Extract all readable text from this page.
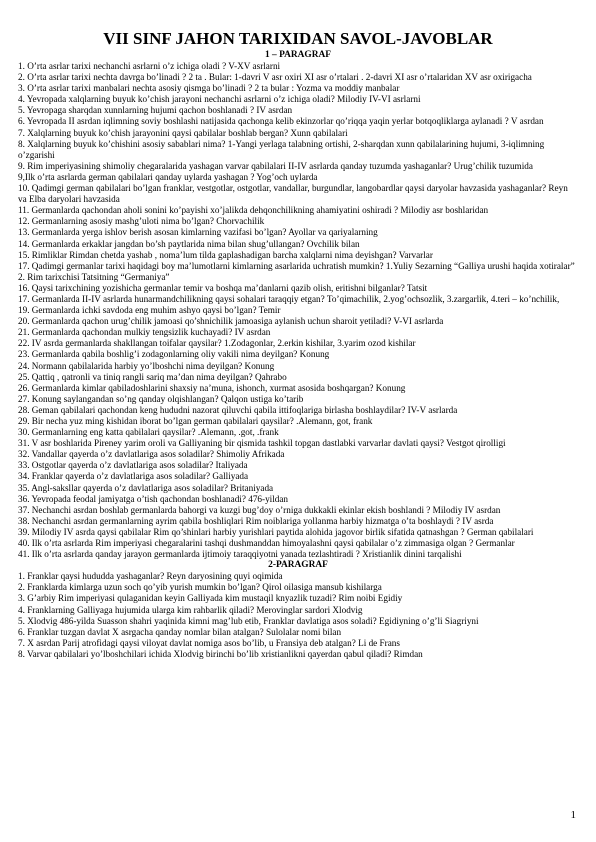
VII SINF JAHON TARIXIDAN SAVOL-JAVOBLAR
1 – PARAGRAF
1. O’rta asrlar tarixi nechanchi asrlarni o’z ichiga oladi ? V-XV asrlarni
2. O’rta asrlar tarixi nechta davrga bo’linadi ? 2 ta . Bular: 1-davri V asr oxiri XI asr o’rtalari . 2-davri XI asr o’rtalaridan XV asr oxirigacha
3. O’rta asrlar tarixi manbalari nechta asosiy qismga bo’linadi ? 2 ta bular : Yozma va moddiy manbalar
4. Yevropada xalqlarning buyuk ko’chish jarayoni nechanchi asrlarni o’z ichiga oladi? Milodiy IV-VI asrlarni
5. Yevropaga sharqdan xunnlarning hujumi qachon boshlanadi ? IV asrdan
6. Yevropada II asrdan iqlimning soviy boshlashi natijasida qachonga kelib ekinzorlar qo’riqqa yaqin yerlar botqoqliklarga aylanadi ? V asrdan
7. Xalqlarning buyuk ko’chish jarayonini qaysi qabilalar boshlab bergan? Xunn qabilalari
8. Xalqlarning buyuk ko’chishini asosiy sabablari nima? 1-Yangi yerlaga talabning ortishi, 2-sharqdan xunn qabilalarining hujumi, 3-iqlimning o’zgarishi
9. Rim imperiyasining shimoliy chegaralarida yashagan varvar qabilalari II-IV asrlarda qanday tuzumda yashaganlar? Urug’chilik tuzumida
9,Ilk o’rta asrlarda german qabilalari qanday uylarda yashagan ? Yog’och uylarda
10. Qadimgi german qabilalari bo’lgan franklar, vestgotlar, ostgotlar, vandallar, burgundlar, langobardlar qaysi daryolar havzasida yashaganlar? Reyn va Elba daryolari havzasida
11. Germanlarda qachondan aholi sonini ko’payishi xo’jalikda dehqonchilikning ahamiyatini oshiradi ? Milodiy asr boshlaridan
12. Germanlarning asosiy mashg’uloti nima bo’lgan? Chorvachilik
13. Germanlarda yerga ishlov berish asosan kimlarning vazifasi bo’lgan? Ayollar va qariyalarning
14. Germanlarda erkaklar jangdan bo’sh paytlarida nima bilan shug’ullangan? Ovchilik bilan
15. Rimliklar Rimdan chetda yashab , noma’lum tilda gaplashadigan barcha xalqlarni nima deyishgan? Varvarlar
17. Qadimgi germanlar tarixi haqidagi boy ma’lumotlarni kimlarning asarlarida uchratish mumkin? 1.Yuliy Sezarning “Galliya urushi haqida xotiralar” 2. Rim tarixchisi Tatsitning “Germaniya”
16. Qaysi tarixchining yozishicha germanlar temir va boshqa ma’danlarni qazib olish, eritishni bilganlar? Tatsit
17. Germanlarda II-IV asrlarda hunarmandchilikning qaysi sohalari taraqqiy etgan? To’qimachilik, 2.yog’ochsozlik, 3.zargarlik, 4.teri – ko’nchilik,
19. Germanlarda ichki savdoda eng muhim ashyo qaysi bo’lgan? Temir
20. Germanlarda qachon urug’chilik jamoasi qo’shnichilik jamoasiga aylanish uchun sharoit yetiladi? V-VI asrlarda
21. Germanlarda qachondan mulkiy tengsizlik kuchayadi? IV asrdan
22. IV asrda germanlarda shakllangan toifalar qaysilar? 1.Zodagonlar, 2.erkin kishilar, 3.yarim ozod kishilar
23. Germanlarda qabila boshlig’i zodagonlarning oliy vakili nima deyilgan? Konung
24. Normann qabilalarida harbiy yo’lboshchi nima deyilgan? Konung
25. Qattiq , qatronli va tiniq rangli sariq ma’dan nima deyilgan? Qahrabo
26. Germanlarda kimlar qabiladoshlarini shaxsiy na’muna, ishonch, xurmat asosida boshqargan? Konung
27. Konung saylangandan so’ng qanday olqishlangan? Qalqon ustiga ko’tarib
28. Geman qabilalari qachondan keng hududni nazorat qiluvchi qabila ittifoqlariga birlasha boshlaydilar? IV-V asrlarda
29. Bir necha yuz ming kishidan iborat bo’lgan german qabilalari qaysilar? .Alemann, got, frank
30. Germanlarning eng katta qabilalari qaysilar? .Alemann, .got, .frank
31. V asr boshlarida Pireney yarim oroli va Galliyaning bir qismida tashkil topgan dastlabki varvarlar davlati qaysi? Vestgot qirolligi
32. Vandallar qayerda o’z davlatlariga asos soladilar? Shimoliy Afrikada
33. Ostgotlar qayerda o’z davlatlariga asos soladilar? Italiyada
34. Franklar qayerda o’z davlatlariga asos soladilar? Galliyada
35. Angl-saksllar qayerda o’z davlatlariga asos soladilar? Britaniyada
36. Yevropada feodal jamiyatga o’tish qachondan boshlanadi? 476-yildan
37. Nechanchi asrdan boshlab germanlarda bahorgi va kuzgi bug’doy o’rniga dukkakli ekinlar ekish boshlandi ? Milodiy IV asrdan
38. Nechanchi asrdan germanlarning ayrim qabila boshliqlari Rim noiblariga yollanma harbiy hizmatga o’ta boshlaydi ? IV asrda
39. Milodiy IV asrda qaysi qabilalar Rim qo’shinlari harbiy yurishlari paytida alohida jagovor birlik sifatida qatnashgan ? German qabilalari
40. Ilk o’rta asrlarda Rim imperiyasi chegaralarini tashqi dushmanddan himoyalashni qaysi qabilalar o’z zimmasiga olgan ? Germanlar
41. Ilk o’rta asrlarda qanday jarayon germanlarda ijtimoiy taraqqiyotni yanada tezlashtiradi ? Xristianlik dinini tarqalishi
2-PARAGRAF
1. Franklar qaysi hududda yashaganlar? Reyn daryosining quyi oqimida
2. Franklarda kimlarga uzun soch qo’yib yurish mumkin bo’lgan? Qirol oilasiga mansub kishilarga
3. G’arbiy Rim imperiyasi qulaganidan keyin Galliyada kim mustaqil knyazlik tuzadi? Rim noibi Egidiy
4. Franklarning Galliyaga hujumida ularga kim rahbarlik qiladi? Merovinglar sardori Xlodvig
5. Xlodvig 486-yilda Suasson shahri yaqinida kimni mag’lub etib, Franklar davlatiga asos soladi? Egidiyning o’g’li Siagriyni
6. Franklar tuzgan davlat X asrgacha qanday nomlar bilan atalgan? Sulolalar nomi bilan
7. X asrdan Parij atrofidagi qaysi viloyat davlat nomiga asos bo’lib, u Fransiya deb atalgan? Li de Frans
8. Varvar qabilalari yo’lboshchilari ichida Xlodvig birinchi bo’lib xristianlikni qayerdan qabul qiladi? Rimdan
1
